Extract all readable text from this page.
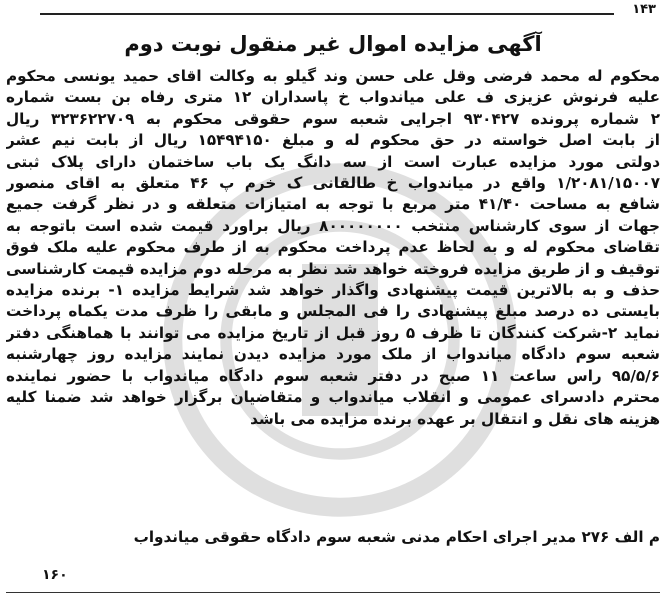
۱۴۳
آگهی مزایده اموال غیر منقول نوبت دوم
محکوم له محمد فرضی وقل علی حسن وند گیلو به وکالت اقای حمید یونسی محکوم
علیه فرنوش عزیزی ف علی میاندواب خ پاسداران ۱۲ متری رفاه بن بست شماره
۲ شماره پرونده ۹۳۰۴۲۷ اجرایی شعبه سوم حقوقی محکوم به ۳۲۳۶۲۲۷۰۹ ریال
از بابت اصل خواسته در حق محکوم له و مبلغ ۱۵۴۹۴۱۵۰ ریال از بابت نیم عشر
دولتی مورد مزایده عبارت است از سه دانگ یک باب ساختمان دارای پلاک ثبتی
۱/۲۰۸۱/۱۵۰۰۷ واقع در میاندواب خ طالقانی ک خرم پ ۴۶ متعلق به اقای منصور
شافع به مساحت ۴۱/۴۰ متر مربع با توجه به امتیازات متعلقه و در نظر گرفت جمیع
جهات از سوی کارشناس منتخب ۸۰۰۰۰۰۰۰۰ ریال براورد قیمت شده است باتوجه به
تقاضای محکوم له و به لحاظ عدم پرداخت محکوم به از طرف محکوم علیه ملک فوق
توقیف و از طریق مزایده فروخته خواهد شد نظر به مرحله دوم مزایده قیمت کارشناسی
حذف و به بالاترین قیمت پیشنهادی واگذار خواهد شد شرایط مزایده ۱- برنده مزایده
بایستی ده درصد مبلغ پیشنهادی را فی المجلس و مابقی را ظرف مدت یکماه پرداخت
نماید ۲-شرکت کنندگان تا ظرف ۵ روز قبل از تاریخ مزایده می توانند با هماهنگی دفتر
شعبه سوم دادگاه میاندواب از ملک مورد مزایده دیدن نمایند مزایده روز چهارشنبه
۹۵/۵/۶ راس ساعت ۱۱ صبح در دفتر شعبه سوم دادگاه میاندواب با حضور نماینده
محترم دادسرای عمومی و انقلاب میاندواب و متقاضیان برگزار خواهد شد ضمنا کلیه
هزینه های نقل و انتقال بر عهده برنده مزایده می باشد
م الف ۲۷۶ مدیر اجرای احکام مدنی شعبه سوم دادگاه حقوقی میاندواب
۱۶۰
